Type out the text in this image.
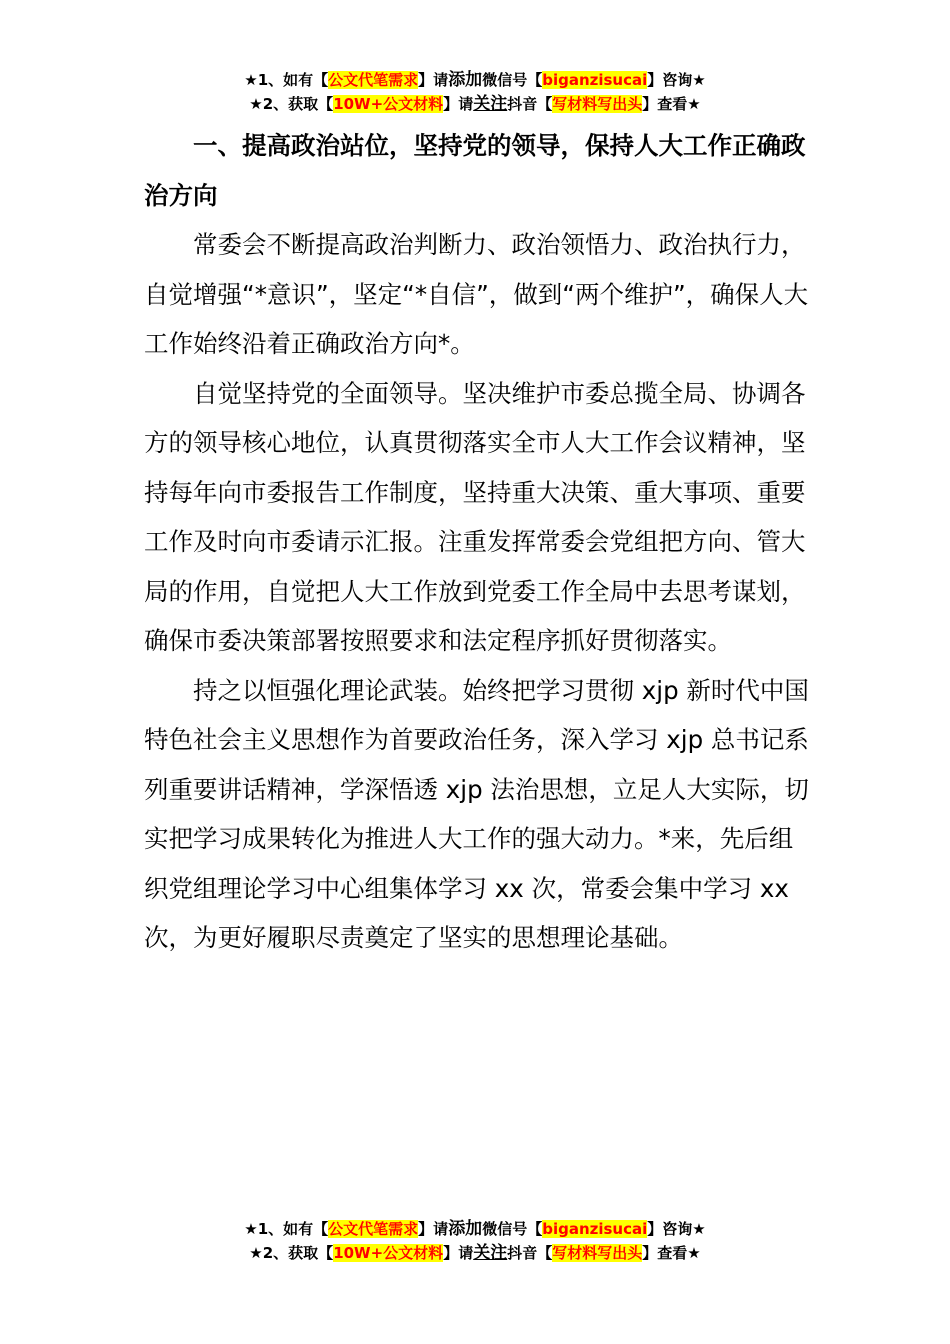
★1、如有【公文代笔需求】请添加微信号【biganzisucai】咨询★
★2、获取【10W+公文材料】请关注抖音【写材料写出头】查看★

一、提高政治站位，坚持党的领导，保持人大工作正确政治方向

常委会不断提高政治判断力、政治领悟力、政治执行力，自觉增强“*意识”，坚定“*自信”，做到“两个维护”，确保人大工作始终沿着正确政治方向*。

自觉坚持党的全面领导。坚决维护市委总揽全局、协调各方的领导核心地位，认真贯彻落实全市人大工作会议精神，坚持每年向市委报告工作制度，坚持重大决策、重大事项、重要工作及时向市委请示汇报。注重发挥常委会党组把方向、管大局的作用，自觉把人大工作放到党委工作全局中去思考谋划，确保市委决策部署按照要求和法定程序抓好贯彻落实。

持之以恒强化理论武装。始终把学习贯彻 xjp 新时代中国特色社会主义思想作为首要政治任务，深入学习 xjp 总书记系列重要讲话精神，学深悟透 xjp 法治思想，立足人大实际，切实把学习成果转化为推进人大工作的强大动力。*来，先后组织党组理论学习中心组集体学习 xx 次，常委会集中学习 xx 次，为更好履职尽责奠定了坚实的思想理论基础。

★1、如有【公文代笔需求】请添加微信号【biganzisucai】咨询★
★2、获取【10W+公文材料】请关注抖音【写材料写出头】查看★
